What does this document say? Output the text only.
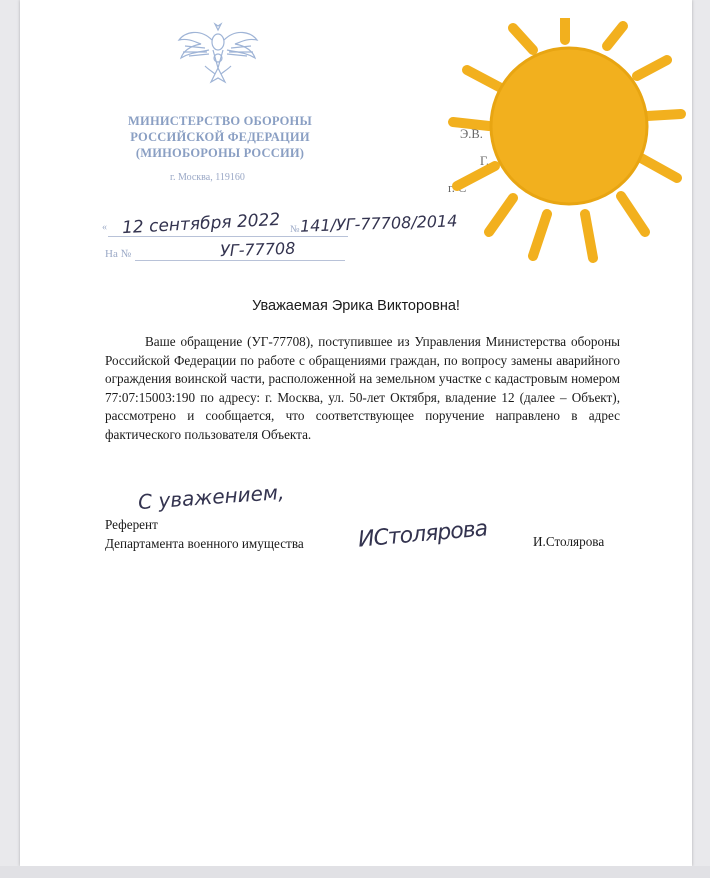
МИНИСТЕРСТВО ОБОРОНЫ
РОССИЙСКОЙ ФЕДЕРАЦИИ
(МИНОБОРОНЫ РОССИИ)
г. Москва, 119160
Э.В.
Г.
г. С
«	№
На №
12 сентября 2022 141/УГ-77708/2014
УГ-77708
Уважаемая Эрика Викторовна!
Ваше обращение (УГ-77708), поступившее из Управления Министерства обороны Российской Федерации по работе с обращениями граждан, по вопросу замены аварийного ограждения воинской части, расположенной на земельном участке с кадастровым номером 77:07:15003:190 по адресу: г. Москва, ул. 50-лет Октября, владение 12 (далее – Объект), рассмотрено и сообщается, что соответствующее поручение направлено в адрес фактического пользователя Объекта.
С уважением,
Референт
Департамента военного имущества ИСтолярова	И.Столярова
